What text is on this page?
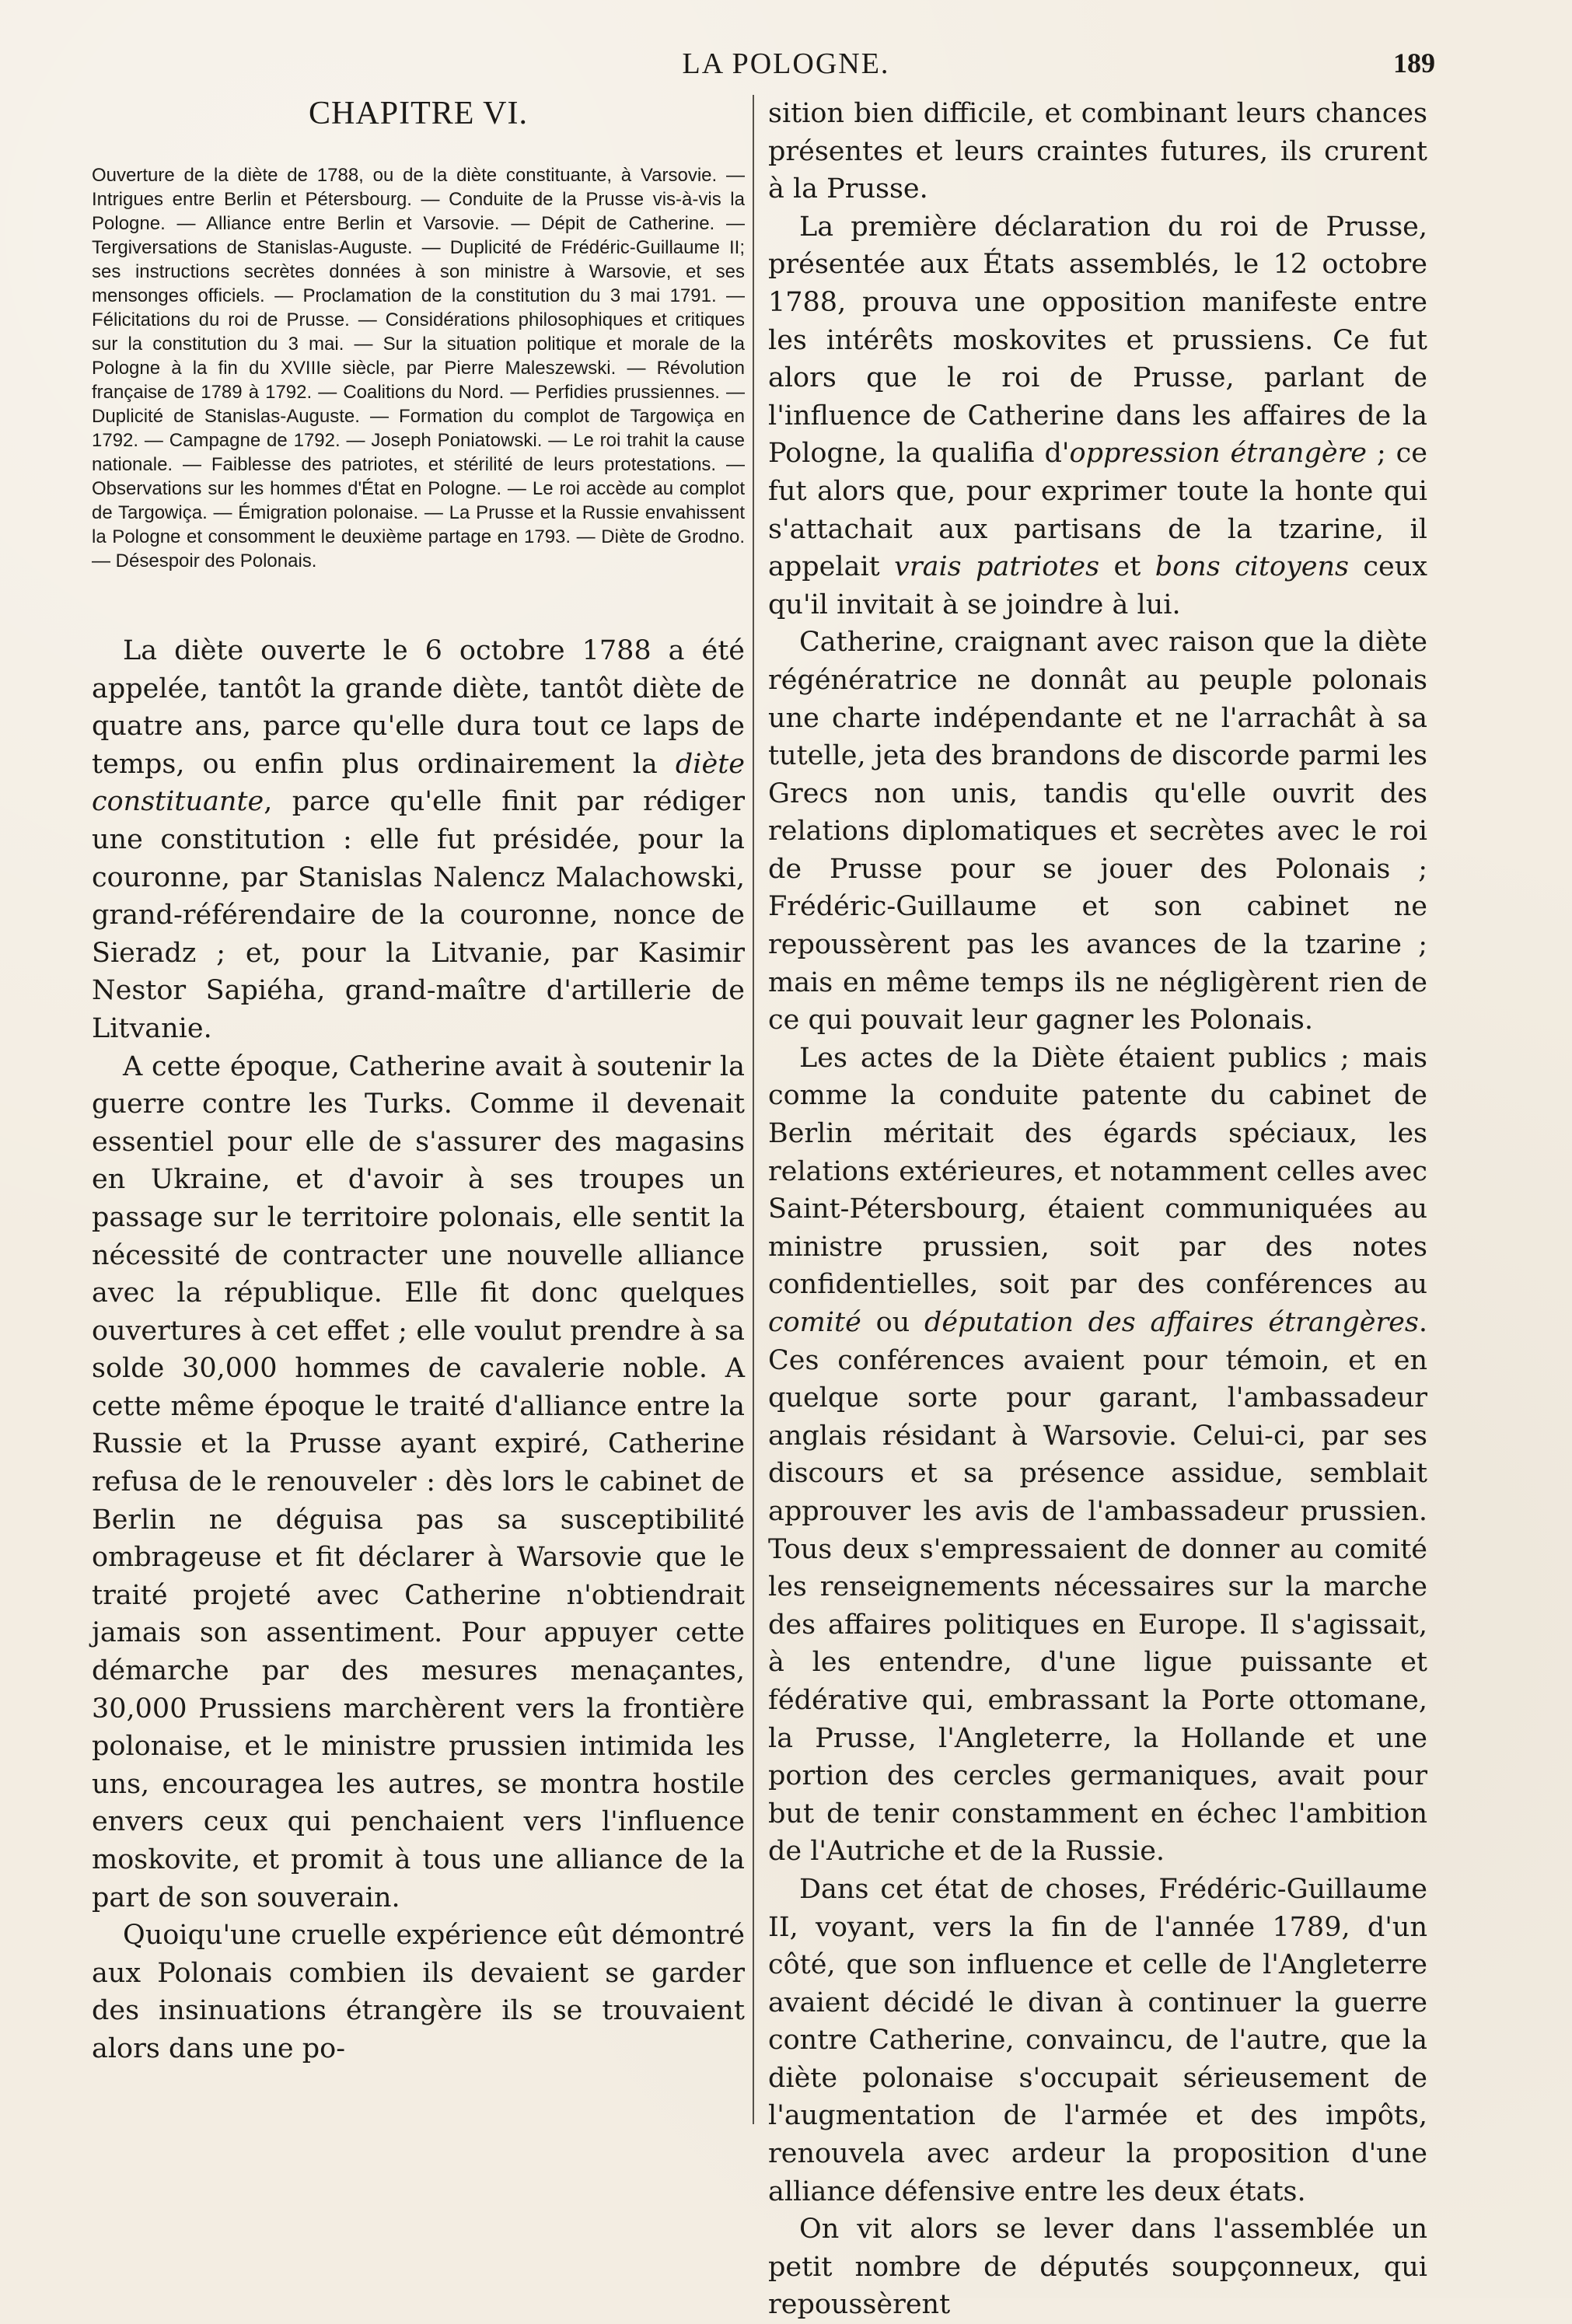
LA POLOGNE.	189
CHAPITRE VI.
Ouverture de la diète de 1788, ou de la diète constituante, à Varsovie. — Intrigues entre Berlin et Pétersbourg. — Conduite de la Prusse vis-à-vis la Pologne. — Alliance entre Berlin et Varsovie. — Dépit de Catherine. — Tergiversations de Stanislas-Auguste. — Duplicité de Frédéric-Guillaume II; ses instructions secrètes données à son ministre à Warsovie, et ses mensonges officiels. — Proclamation de la constitution du 3 mai 1791. — Félicitations du roi de Prusse. — Considérations philosophiques et critiques sur la constitution du 3 mai. — Sur la situation politique et morale de la Pologne à la fin du XVIIIe siècle, par Pierre Maleszewski. — Révolution française de 1789 à 1792. — Coalitions du Nord. — Perfidies prussiennes. — Duplicité de Stanislas-Auguste. — Formation du complot de Targowiça en 1792. — Campagne de 1792. — Joseph Poniatowski. — Le roi trahit la cause nationale. — Faiblesse des patriotes, et stérilité de leurs protestations. — Observations sur les hommes d'État en Pologne. — Le roi accède au complot de Targowiça. — Émigration polonaise. — La Prusse et la Russie envahissent la Pologne et consomment le deuxième partage en 1793. — Diète de Grodno. — Désespoir des Polonais.

La diète ouverte le 6 octobre 1788 a été appelée, tantôt la grande diète, tantôt diète de quatre ans, parce qu'elle dura tout ce laps de temps, ou enfin plus ordinairement la diète constituante, parce qu'elle finit par rédiger une constitution : elle fut présidée, pour la couronne, par Stanislas Nalencz Malachowski, grand-référendaire de la couronne, nonce de Sieradz ; et, pour la Litvanie, par Kasimir Nestor Sapiéha, grand-maître d'artillerie de Litvanie.

A cette époque, Catherine avait à soutenir la guerre contre les Turks. Comme il devenait essentiel pour elle de s'assurer des magasins en Ukraine, et d'avoir à ses troupes un passage sur le territoire polonais, elle sentit la nécessité de contracter une nouvelle alliance avec la république. Elle fit donc quelques ouvertures à cet effet ; elle voulut prendre à sa solde 30,000 hommes de cavalerie noble. A cette même époque le traité d'alliance entre la Russie et la Prusse ayant expiré, Catherine refusa de le renouveler : dès lors le cabinet de Berlin ne déguisa pas sa susceptibilité ombrageuse et fit déclarer à Warsovie que le traité projeté avec Catherine n'obtiendrait jamais son assentiment. Pour appuyer cette démarche par des mesures menaçantes, 30,000 Prussiens marchèrent vers la frontière polonaise, et le ministre prussien intimida les uns, encouragea les autres, se montra hostile envers ceux qui penchaient vers l'influence moskovite, et promit à tous une alliance de la part de son souverain.

Quoiqu'une cruelle expérience eût démontré aux Polonais combien ils devaient se garder des insinuations étrangère ils se trouvaient alors dans une po-

sition bien difficile, et combinant leurs chances présentes et leurs craintes futures, ils crurent à la Prusse.

La première déclaration du roi de Prusse, présentée aux États assemblés, le 12 octobre 1788, prouva une opposition manifeste entre les intérêts moskovites et prussiens. Ce fut alors que le roi de Prusse, parlant de l'influence de Catherine dans les affaires de la Pologne, la qualifia d'oppression étrangère ; ce fut alors que, pour exprimer toute la honte qui s'attachait aux partisans de la tzarine, il appelait vrais patriotes et bons citoyens ceux qu'il invitait à se joindre à lui.

Catherine, craignant avec raison que la diète régénératrice ne donnât au peuple polonais une charte indépendante et ne l'arrachât à sa tutelle, jeta des brandons de discorde parmi les Grecs non unis, tandis qu'elle ouvrit des relations diplomatiques et secrètes avec le roi de Prusse pour se jouer des Polonais ; Frédéric-Guillaume et son cabinet ne repoussèrent pas les avances de la tzarine ; mais en même temps ils ne négligèrent rien de ce qui pouvait leur gagner les Polonais.

Les actes de la Diète étaient publics ; mais comme la conduite patente du cabinet de Berlin méritait des égards spéciaux, les relations extérieures, et notamment celles avec Saint-Pétersbourg, étaient communiquées au ministre prussien, soit par des notes confidentielles, soit par des conférences au comité ou députation des affaires étrangères. Ces conférences avaient pour témoin, et en quelque sorte pour garant, l'ambassadeur anglais résidant à Warsovie. Celui-ci, par ses discours et sa présence assidue, semblait approuver les avis de l'ambassadeur prussien. Tous deux s'empressaient de donner au comité les renseignements nécessaires sur la marche des affaires politiques en Europe. Il s'agissait, à les entendre, d'une ligue puissante et fédérative qui, embrassant la Porte ottomane, la Prusse, l'Angleterre, la Hollande et une portion des cercles germaniques, avait pour but de tenir constamment en échec l'ambition de l'Autriche et de la Russie.

Dans cet état de choses, Frédéric-Guillaume II, voyant, vers la fin de l'année 1789, d'un côté, que son influence et celle de l'Angleterre avaient décidé le divan à continuer la guerre contre Catherine, convaincu, de l'autre, que la diète polonaise s'occupait sérieusement de l'augmentation de l'armée et des impôts, renouvela avec ardeur la proposition d'une alliance défensive entre les deux états.

On vit alors se lever dans l'assemblée un petit nombre de députés soupçonneux, qui repoussèrent
